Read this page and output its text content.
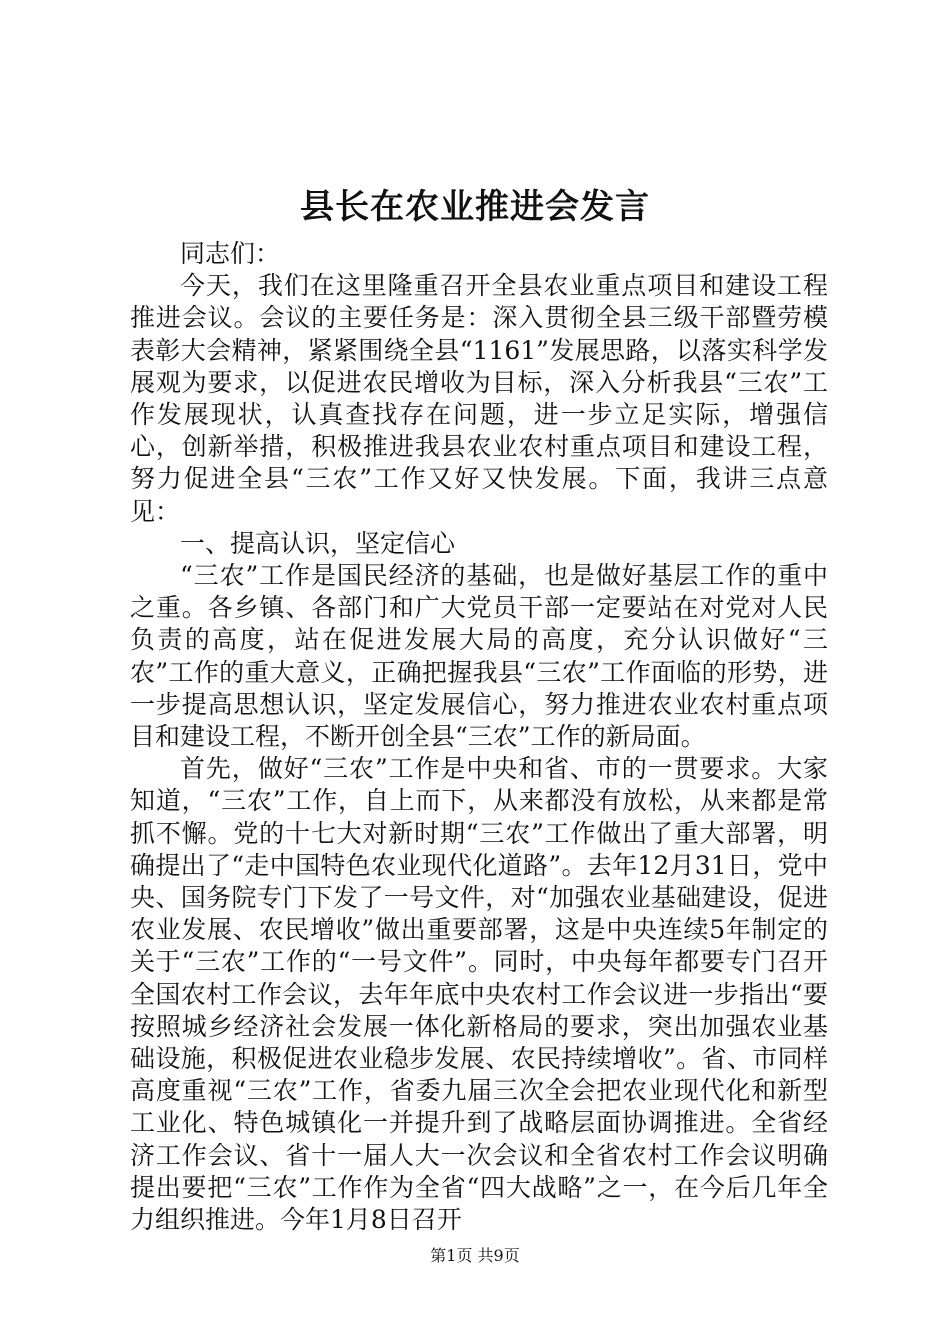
县长在农业推进会发言

同志们：

今天，我们在这里隆重召开全县农业重点项目和建设工程推进会议。会议的主要任务是：深入贯彻全县三级干部暨劳模表彰大会精神，紧紧围绕全县“1161”发展思路，以落实科学发展观为要求，以促进农民增收为目标，深入分析我县“三农”工作发展现状，认真查找存在问题，进一步立足实际，增强信心，创新举措，积极推进我县农业农村重点项目和建设工程，努力促进全县“三农”工作又好又快发展。下面，我讲三点意见：

一、提高认识，坚定信心

“三农”工作是国民经济的基础，也是做好基层工作的重中之重。各乡镇、各部门和广大党员干部一定要站在对党对人民负责的高度，站在促进发展大局的高度，充分认识做好“三农”工作的重大意义，正确把握我县“三农”工作面临的形势，进一步提高思想认识，坚定发展信心，努力推进农业农村重点项目和建设工程，不断开创全县“三农”工作的新局面。

首先，做好“三农”工作是中央和省、市的一贯要求。大家知道，“三农”工作，自上而下，从来都没有放松，从来都是常抓不懈。党的十七大对新时期“三农”工作做出了重大部署，明确提出了“走中国特色农业现代化道路”。去年12月31日，党中央、国务院专门下发了一号文件，对“加强农业基础建设，促进农业发展、农民增收”做出重要部署，这是中央连续5年制定的关于“三农”工作的“一号文件”。同时，中央每年都要专门召开全国农村工作会议，去年年底中央农村工作会议进一步指出“要按照城乡经济社会发展一体化新格局的要求，突出加强农业基础设施，积极促进农业稳步发展、农民持续增收”。省、市同样高度重视“三农”工作，省委九届三次全会把农业现代化和新型工业化、特色城镇化一并提升到了战略层面协调推进。全省经济工作会议、省十一届人大一次会议和全省农村工作会议明确提出要把“三农”工作作为全省“四大战略”之一，在今后几年全力组织推进。今年1月8日召开

第1页 共9页
